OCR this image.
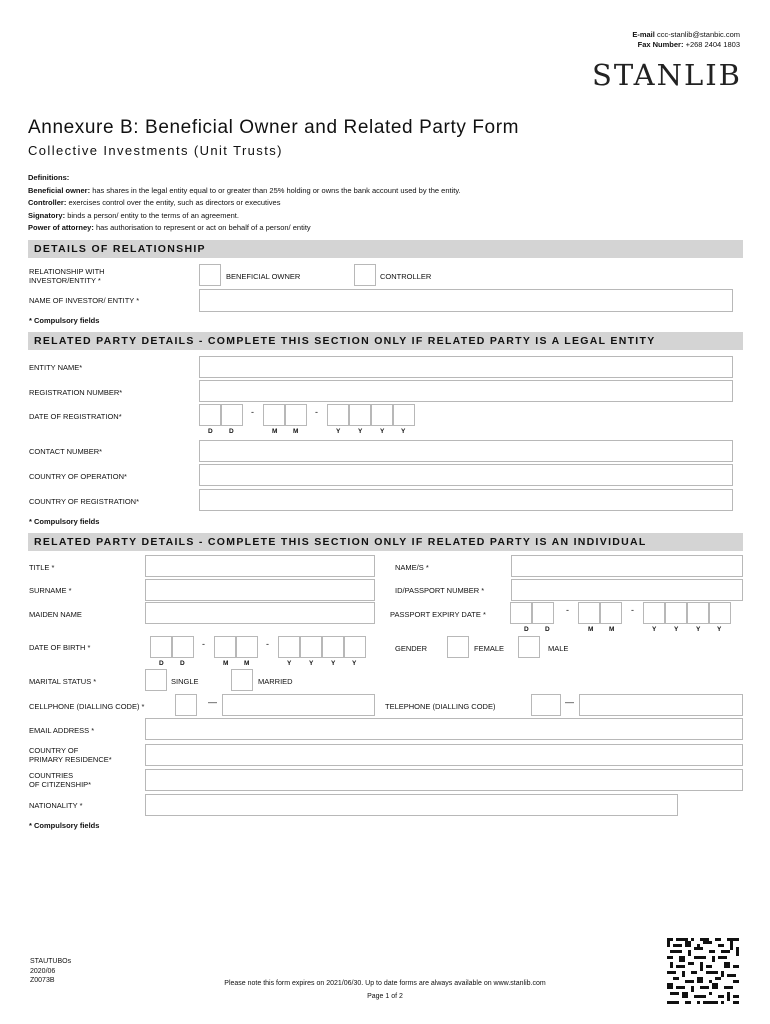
E-mail ccc-stanlib@stanbic.com
Fax Number: +268 2404 1803
STANLIB
Annexure B: Beneficial Owner and Related Party Form
Collective Investments (Unit Trusts)
Definitions:
Beneficial owner: has shares in the legal entity equal to or greater than 25% holding or owns the bank account used by the entity.
Controller: exercises control over the entity, such as directors or executives
Signatory: binds a person/ entity to the terms of an agreement.
Power of attorney: has authorisation to represent or act on behalf of a person/ entity
DETAILS OF RELATIONSHIP
RELATIONSHIP WITH
INVESTOR/ENTITY *	BENEFICIAL OWNER	CONTROLLER
NAME OF INVESTOR/ ENTITY *
* Compulsory fields
RELATED PARTY DETAILS - COMPLETE THIS SECTION ONLY IF RELATED PARTY IS A LEGAL ENTITY
ENTITY NAME*
REGISTRATION NUMBER*
DATE OF REGISTRATION*	-	-
D	D	M M	Y	Y	Y	Y
CONTACT NUMBER*
COUNTRY OF OPERATION*
COUNTRY OF REGISTRATION*
* Compulsory fields
RELATED PARTY DETAILS - COMPLETE THIS SECTION ONLY IF RELATED PARTY IS AN INDIVIDUAL
TITLE *	NAME/S *
SURNAME *	ID/PASSPORT NUMBER *
MAIDEN NAME	PASSPORT EXPIRY DATE *	-	-
D	D	M M	Y	Y	Y	Y
DATE OF BIRTH *	-	-
D	D	M M	Y	Y	Y	Y
GENDER	FEMALE	MALE
MARITAL STATUS *	SINGLE	MARRIED
CELLPHONE (DIALLING CODE) *	—	TELEPHONE (DIALLING CODE)	—
EMAIL ADDRESS *
COUNTRY OF
PRIMARY RESIDENCE*
COUNTRIES
OF CITIZENSHIP*
NATIONALITY *
* Compulsory fields
STAUTUBOs
2020/06
Z0073B	Please note this form expires on 2021/06/30. Up to date forms are always available on www.stanlib.com
Page 1 of 2
